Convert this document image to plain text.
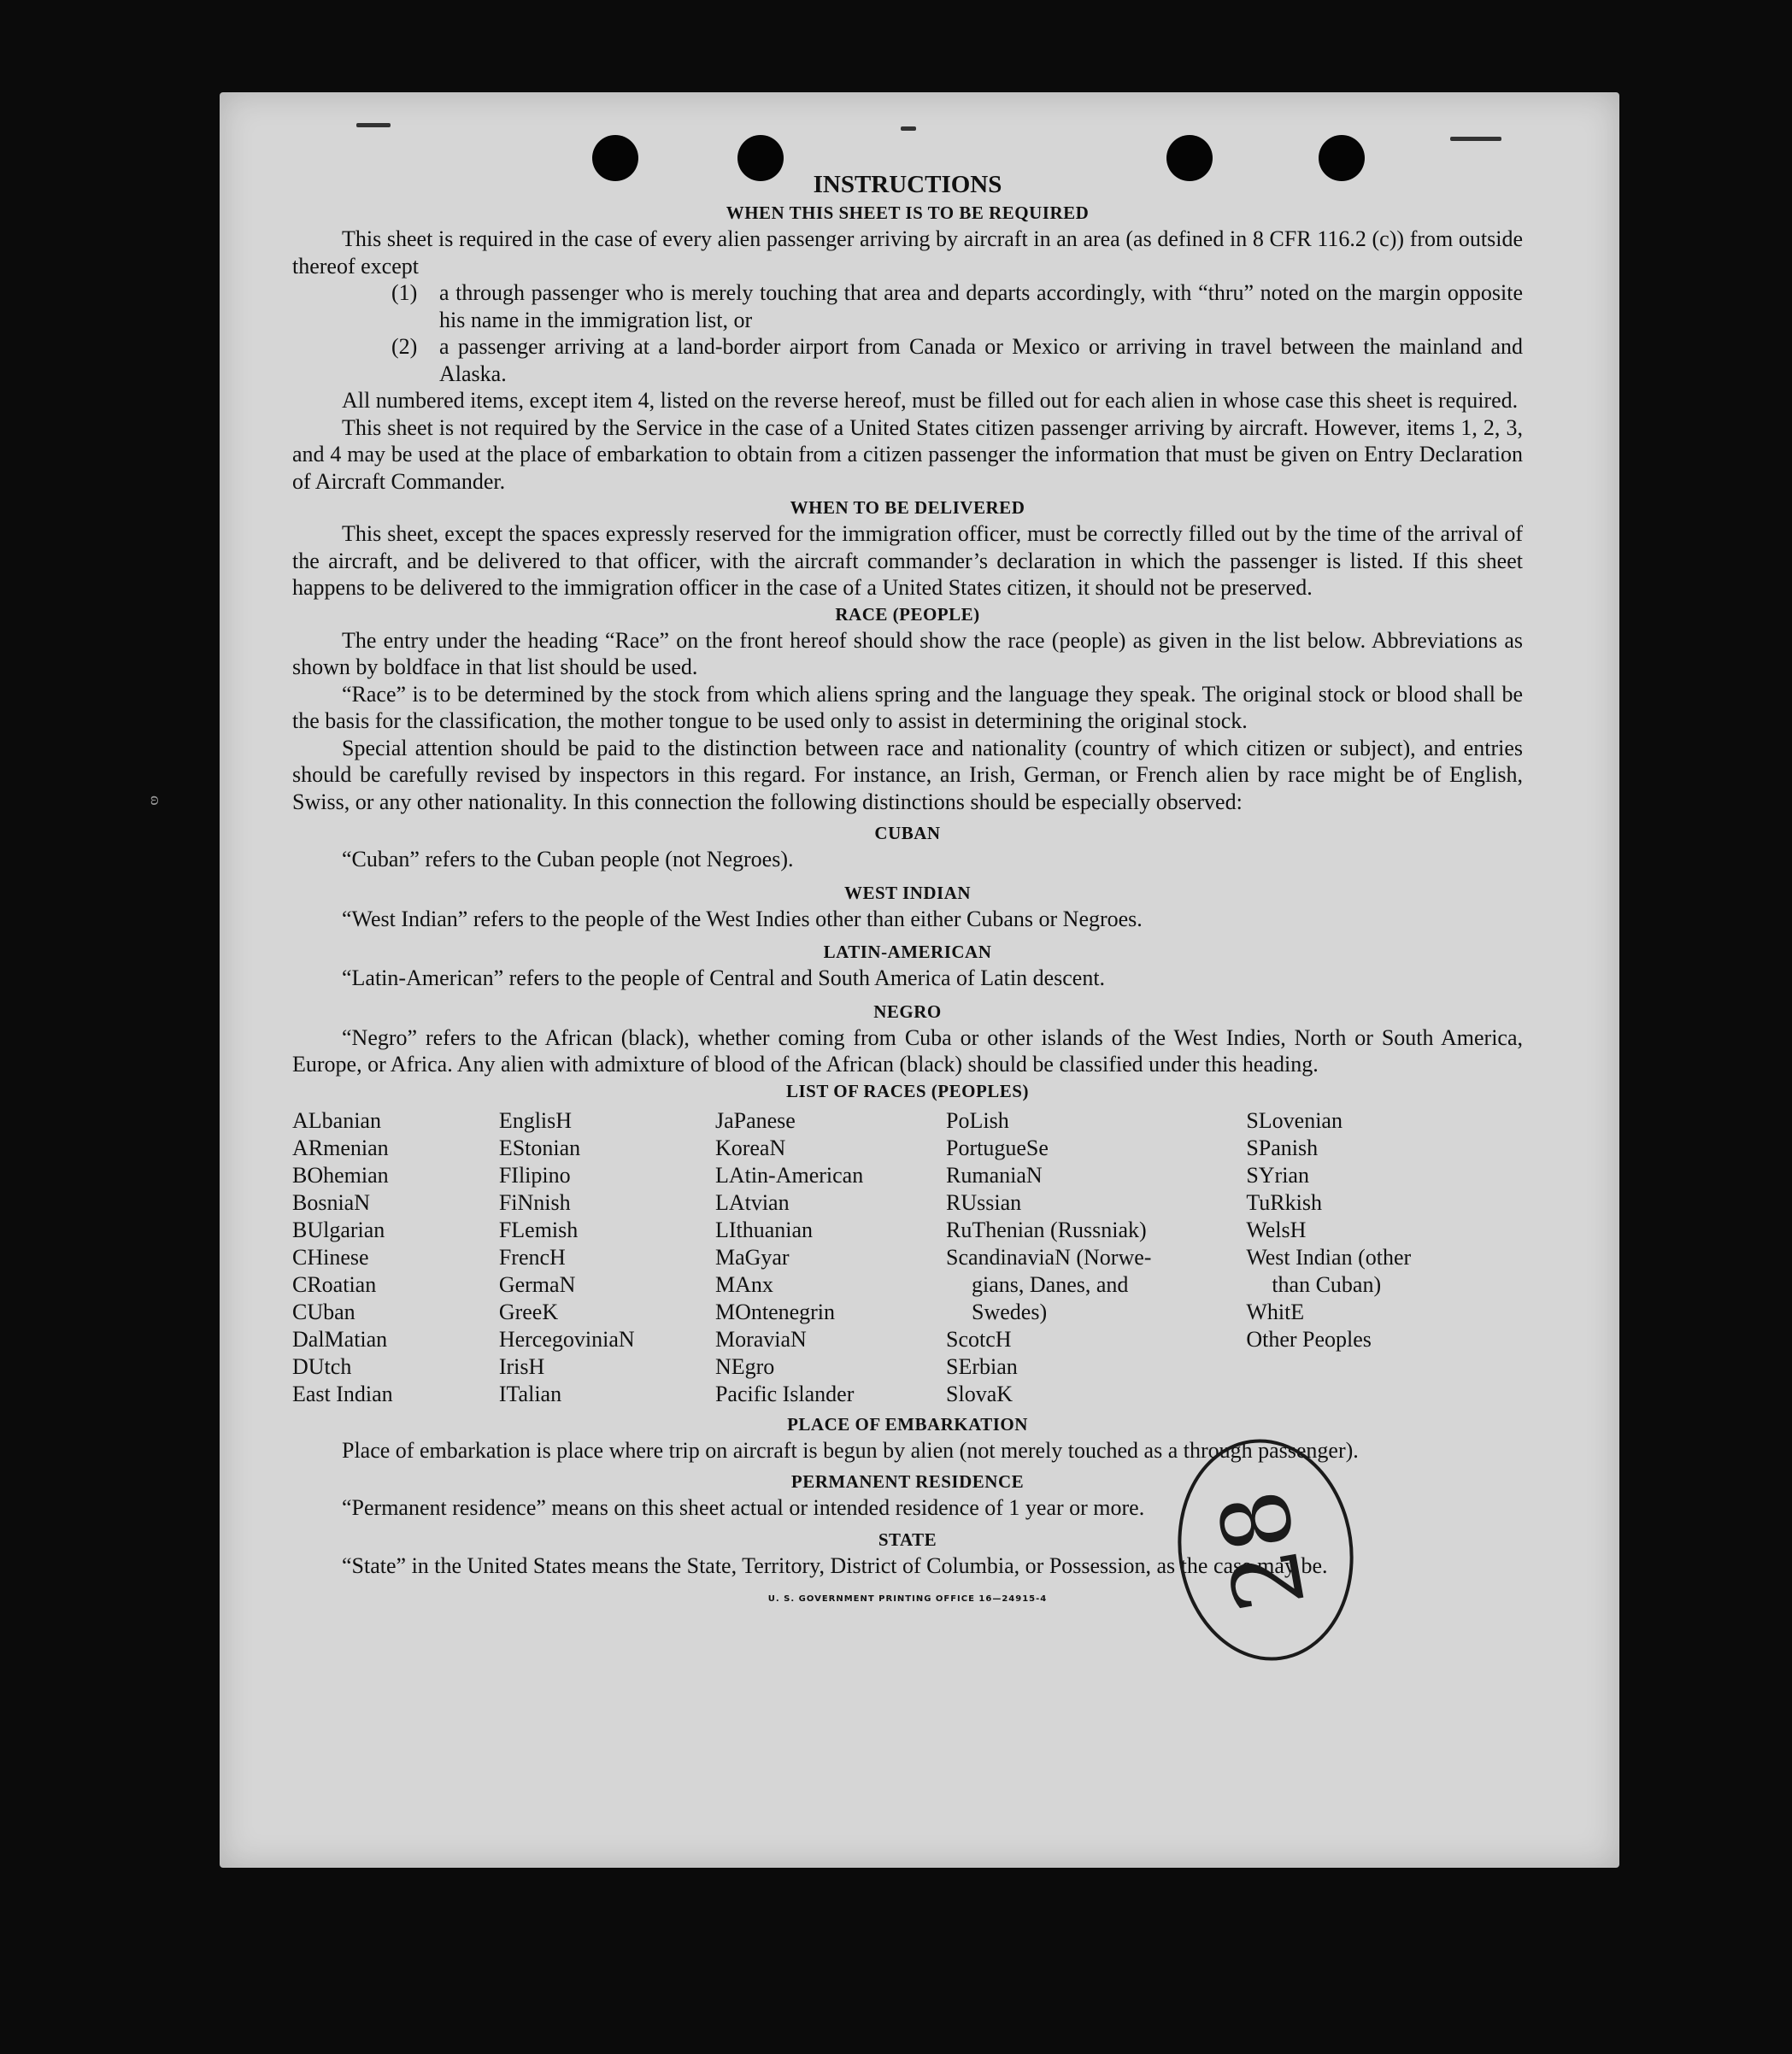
ʚ
INSTRUCTIONS
WHEN THIS SHEET IS TO BE REQUIRED

This sheet is required in the case of every alien passenger arriving by aircraft in an area (as defined in 8 CFR 116.2 (c)) from outside thereof except

(1) a through passenger who is merely touching that area and departs accordingly, with “thru” noted on the margin opposite his name in the immigration list, or
(2) a passenger arriving at a land-border airport from Canada or Mexico or arriving in travel between the mainland and Alaska.

All numbered items, except item 4, listed on the reverse hereof, must be filled out for each alien in whose case this sheet is required.

This sheet is not required by the Service in the case of a United States citizen passenger arriving by aircraft. However, items 1, 2, 3, and 4 may be used at the place of embarkation to obtain from a citizen passenger the information that must be given on Entry Declaration of Aircraft Commander.

WHEN TO BE DELIVERED

This sheet, except the spaces expressly reserved for the immigration officer, must be correctly filled out by the time of the arrival of the aircraft, and be delivered to that officer, with the aircraft commander’s declaration in which the passenger is listed. If this sheet happens to be delivered to the immigration officer in the case of a United States citizen, it should not be preserved.

RACE (PEOPLE)

The entry under the heading “Race” on the front hereof should show the race (people) as given in the list below. Abbreviations as shown by boldface in that list should be used.

“Race” is to be determined by the stock from which aliens spring and the language they speak. The original stock or blood shall be the basis for the classification, the mother tongue to be used only to assist in determining the original stock.

Special attention should be paid to the distinction between race and nationality (country of which citizen or subject), and entries should be carefully revised by inspectors in this regard. For instance, an Irish, German, or French alien by race might be of English, Swiss, or any other nationality. In this connection the following distinctions should be especially observed:

CUBAN

“Cuban” refers to the Cuban people (not Negroes).

WEST INDIAN

“West Indian” refers to the people of the West Indies other than either Cubans or Negroes.

LATIN-AMERICAN

“Latin-American” refers to the people of Central and South America of Latin descent.

NEGRO

“Negro” refers to the African (black), whether coming from Cuba or other islands of the West Indies, North or South America, Europe, or Africa. Any alien with admixture of blood of the African (black) should be classified under this heading.

LIST OF RACES (PEOPLES)
ALbanian
ARmenian
BOhemian
BosniaN
BUlgarian
CHinese
CRoatian
CUban
DalMatian
DUtch
East Indian
EnglisH
EStonian
FIlipino
FiNnish
FLemish
FrencH
GermaN
GreeK
HercegoviniaN
IrisH
ITalian
JaPanese
KoreaN
LAtin-American
LAtvian
LIthuanian
MaGyar
MAnx
MOntenegrin
MoraviaN
NEgro
Pacific Islander
PoLish
PortugueSe
RumaniaN
RUssian
RuThenian (Russniak)
ScandinaviaN (Norwe-
gians, Danes, and
Swedes)
ScotcH
SErbian
SlovaK
SLovenian
SPanish
SYrian
TuRkish
WelsH
West Indian (other
than Cuban)
WhitE
Other Peoples
PLACE OF EMBARKATION

Place of embarkation is place where trip on aircraft is begun by alien (not merely touched as a through passenger).

PERMANENT RESIDENCE

“Permanent residence” means on this sheet actual or intended residence of 1 year or more.

STATE

“State” in the United States means the State, Territory, District of Columbia, or Possession, as the case may be.

U. S. GOVERNMENT PRINTING OFFICE 16—24915-4	28
